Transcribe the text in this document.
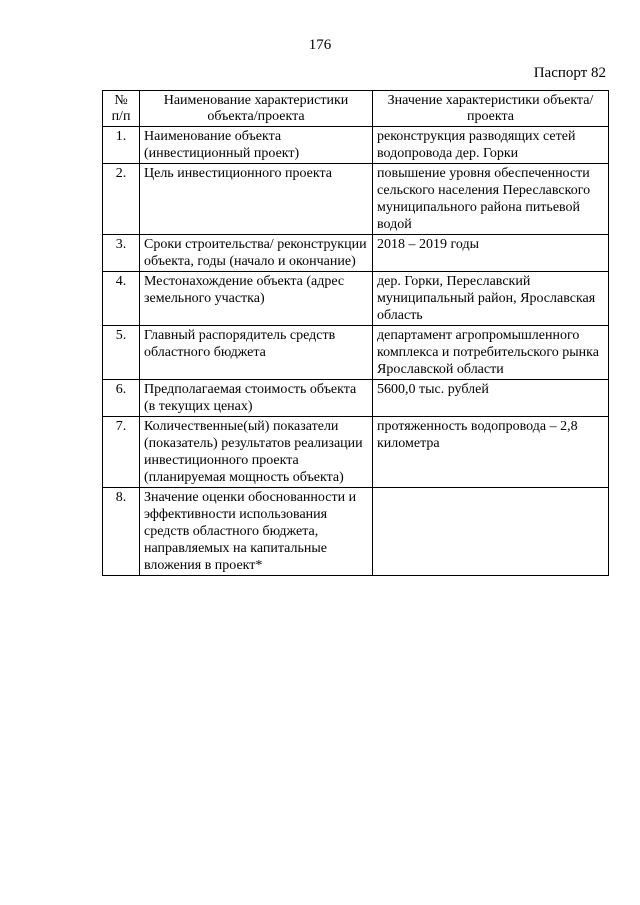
176
Паспорт 82
№
п/п	Наименование характеристики объекта/проекта	Значение характеристики объекта/проекта
1.	Наименование объекта (инвестиционный проект)	реконструкция разводящих сетей водопровода дер. Горки
2.	Цель инвестиционного проекта	повышение уровня обеспеченности сельского населения Переславского муниципального района питьевой водой
3.	Сроки строительства/ реконструкции объекта, годы (начало и окончание)	2018 – 2019 годы
4.	Местонахождение объекта (адрес земельного участка)	дер. Горки, Переславский муниципальный район, Ярославская область
5.	Главный распорядитель средств областного бюджета	департамент агропромышленного комплекса и потребительского рынка Ярославской области
6.	Предполагаемая стоимость объекта (в текущих ценах)	5600,0 тыс. рублей
7.	Количественные(ый) показатели (показатель) результатов реализации инвестиционного проекта (планируемая мощность объекта)	протяженность водопровода – 2,8 километра
8.	Значение оценки обоснованности и эффективности использования средств областного бюджета, направляемых на капитальные вложения в проект*	
